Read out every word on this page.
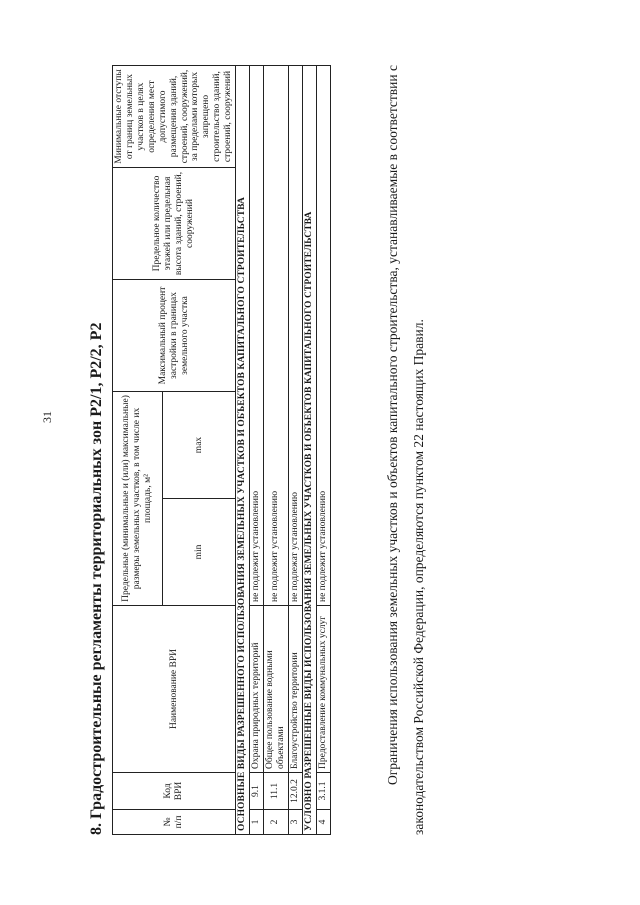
31 8. Градостроительные регламенты территориальных зон Р2/1, Р2/2, Р2	№ п/п	Код ВРИ	Наименование ВРИ	Предельные (минимальные и (или) максимальные) размеры земельных участков, в том числе их площадь, м²		Максимальный процент застройки в границах земельного участка	Предельное количество этажей или предельная высота зданий, строений, сооружений	Минимальные отступы от границ земельных участков в целях определения мест допустимого размещения зданий, строений, сооружений, за пределами которых запрещено строительство зданий, строений, сооружений
			min	max			
ОСНОВНЫЕ ВИДЫ РАЗРЕШЕННОГО ИСПОЛЬЗОВАНИЯ ЗЕМЕЛЬНЫХ УЧАСТКОВ И ОБЪЕКТОВ КАПИТАЛЬНОГО СТРОИТЕЛЬСТВА							
1	9.1	Охрана природных территорий	не подлежит установлению				
2	11.1	Общее пользование водными объектами	не подлежит установлению				
3	12.0.2	Благоустройство территории	не подлежат установлению				
УСЛОВНО РАЗРЕШЕННЫЕ ВИДЫ ИСПОЛЬЗОВАНИЯ ЗЕМЕЛЬНЫХ УЧАСТКОВ И ОБЪЕКТОВ КАПИТАЛЬНОГО СТРОИТЕЛЬСТВА							
4	3.1.1	Предоставление коммунальных услуг	не подлежит установлению					Ограничения использования земельных участков и объектов капитального строительства, устанавливаемые в соответствии с законодательством Российской Федерации, определяются пунктом 22 настоящих Правил.
